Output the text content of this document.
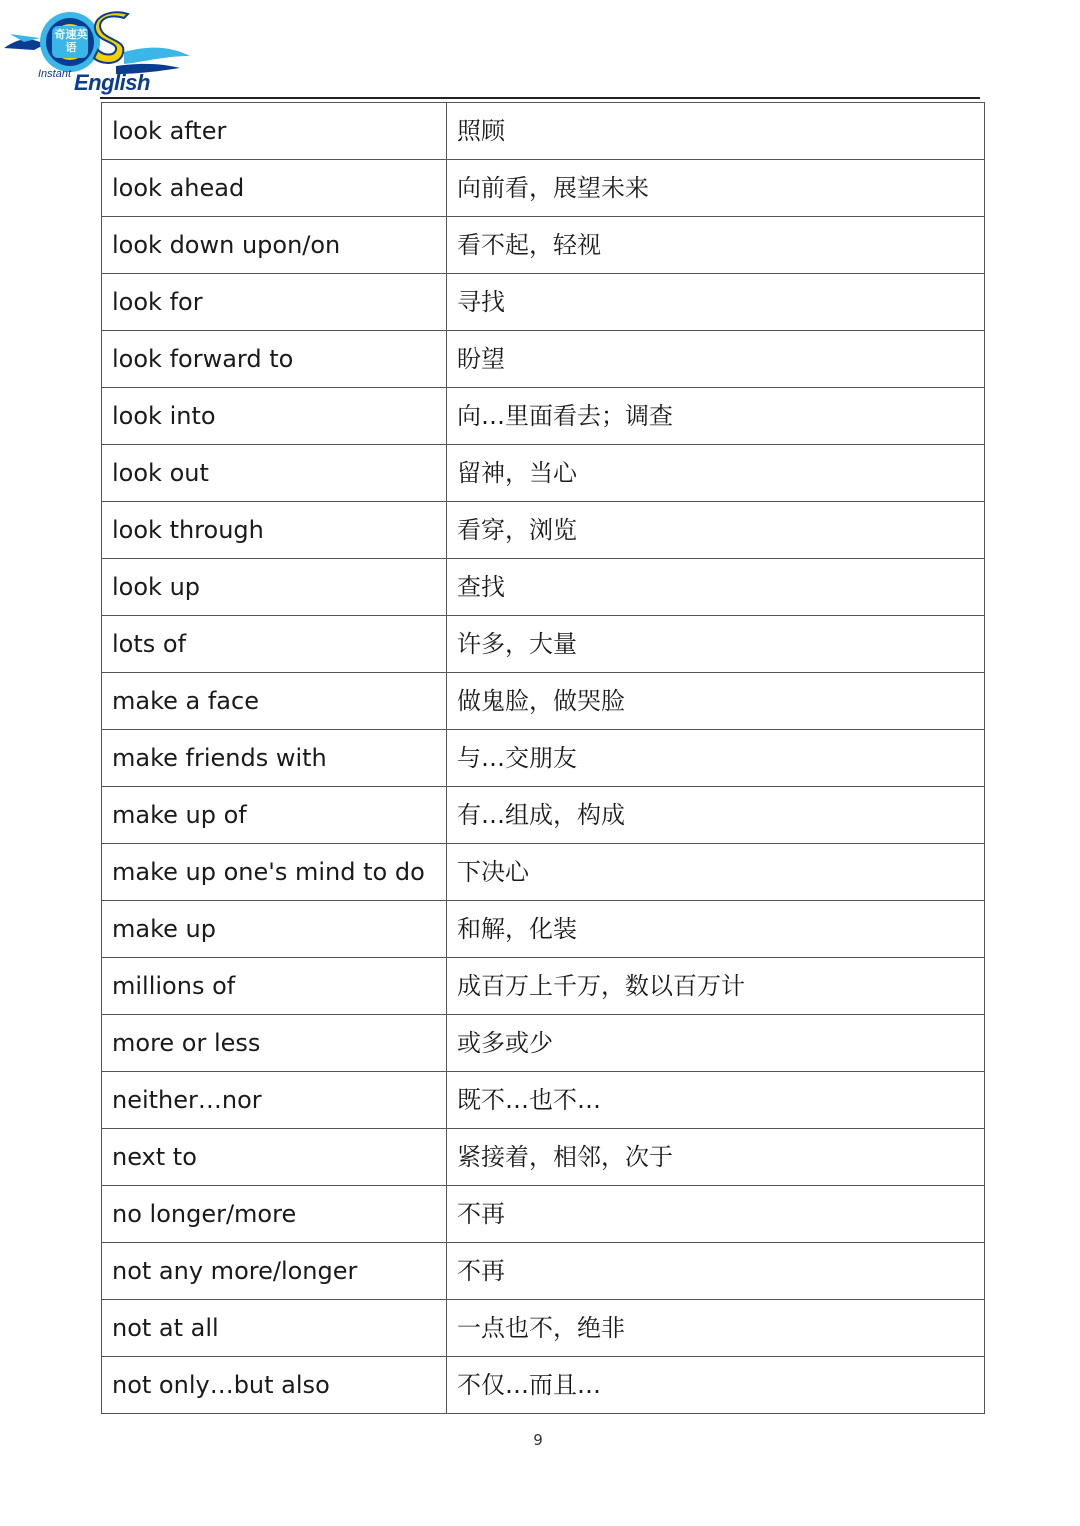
奇速英语
Instant English
look after	照顾
look ahead	向前看，展望未来
look down upon/on	看不起，轻视
look for	寻找
look forward to	盼望
look into	向…里面看去；调查
look out	留神，当心
look through	看穿，浏览
look up	查找
lots of	许多，大量
make a face	做鬼脸，做哭脸
make friends with	与…交朋友
make up of	有…组成，构成
make up one's mind to do	下决心
make up	和解，化装
millions of	成百万上千万，数以百万计
more or less	或多或少
neither…nor	既不…也不…
next to	紧接着，相邻，次于
no longer/more	不再
not any more/longer	不再
not at all	一点也不，绝非
not only…but also	不仅…而且…
9
